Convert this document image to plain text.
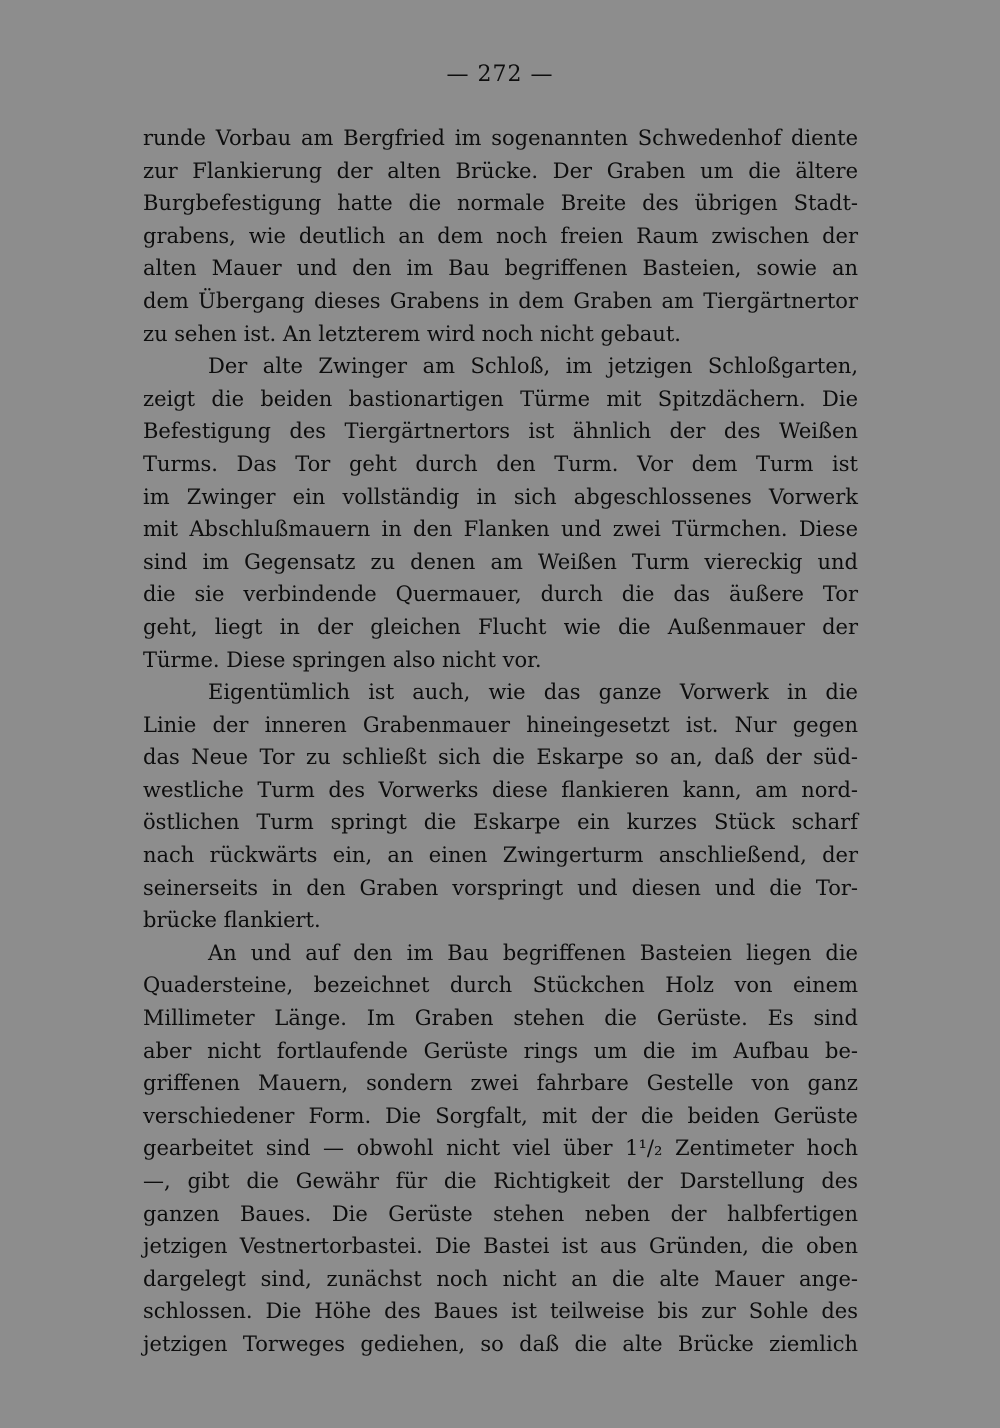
— 272 —
runde Vorbau am Bergfried im sogenannten Schwedenhof diente
zur Flankierung der alten Brücke. Der Graben um die ältere
Burgbefestigung hatte die normale Breite des übrigen Stadt-
grabens, wie deutlich an dem noch freien Raum zwischen der
alten Mauer und den im Bau begriffenen Basteien, sowie an
dem Übergang dieses Grabens in dem Graben am Tiergärtnertor
zu sehen ist. An letzterem wird noch nicht gebaut.
Der alte Zwinger am Schloß, im jetzigen Schloßgarten,
zeigt die beiden bastionartigen Türme mit Spitzdächern. Die
Befestigung des Tiergärtnertors ist ähnlich der des Weißen
Turms. Das Tor geht durch den Turm. Vor dem Turm ist
im Zwinger ein vollständig in sich abgeschlossenes Vorwerk
mit Abschlußmauern in den Flanken und zwei Türmchen. Diese
sind im Gegensatz zu denen am Weißen Turm viereckig und
die sie verbindende Quermauer, durch die das äußere Tor
geht, liegt in der gleichen Flucht wie die Außenmauer der
Türme. Diese springen also nicht vor.
Eigentümlich ist auch, wie das ganze Vorwerk in die
Linie der inneren Grabenmauer hineingesetzt ist. Nur gegen
das Neue Tor zu schließt sich die Eskarpe so an, daß der süd-
westliche Turm des Vorwerks diese flankieren kann, am nord-
östlichen Turm springt die Eskarpe ein kurzes Stück scharf
nach rückwärts ein, an einen Zwingerturm anschließend, der
seinerseits in den Graben vorspringt und diesen und die Tor-
brücke flankiert.
An und auf den im Bau begriffenen Basteien liegen die
Quadersteine, bezeichnet durch Stückchen Holz von einem
Millimeter Länge. Im Graben stehen die Gerüste. Es sind
aber nicht fortlaufende Gerüste rings um die im Aufbau be-
griffenen Mauern, sondern zwei fahrbare Gestelle von ganz
verschiedener Form. Die Sorgfalt, mit der die beiden Gerüste
gearbeitet sind — obwohl nicht viel über 1¹/₂ Zentimeter hoch
—, gibt die Gewähr für die Richtigkeit der Darstellung des
ganzen Baues. Die Gerüste stehen neben der halbfertigen
jetzigen Vestnertorbastei. Die Bastei ist aus Gründen, die oben
dargelegt sind, zunächst noch nicht an die alte Mauer ange-
schlossen. Die Höhe des Baues ist teilweise bis zur Sohle des
jetzigen Torweges gediehen, so daß die alte Brücke ziemlich
